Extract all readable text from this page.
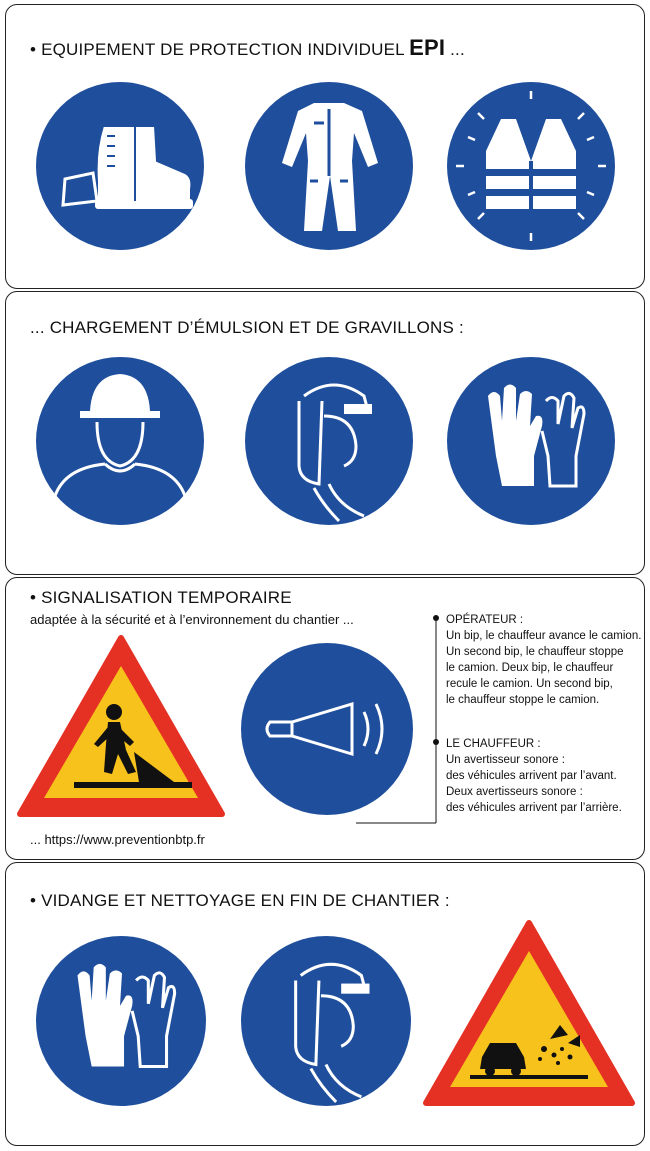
• EQUIPEMENT DE PROTECTION INDIVIDUEL EPI ...
... CHARGEMENT D’ÉMULSION ET DE GRAVILLONS :
• SIGNALISATION TEMPORAIRE
adaptée à la sécurité et à l’environnement du chantier ...	OPÉRATEUR :
Un bip, le chauffeur avance le camion.
Un second bip, le chauffeur stoppe
le camion. Deux bip, le chauffeur
recule le camion. Un second bip,
le chauffeur stoppe le camion.
LE CHAUFFEUR :
Un avertisseur sonore :
des véhicules arrivent par l’avant.
Deux avertisseurs sonore :
des véhicules arrivent par l’arrière.
... https://www.preventionbtp.fr
• VIDANGE ET NETTOYAGE EN FIN DE CHANTIER :
